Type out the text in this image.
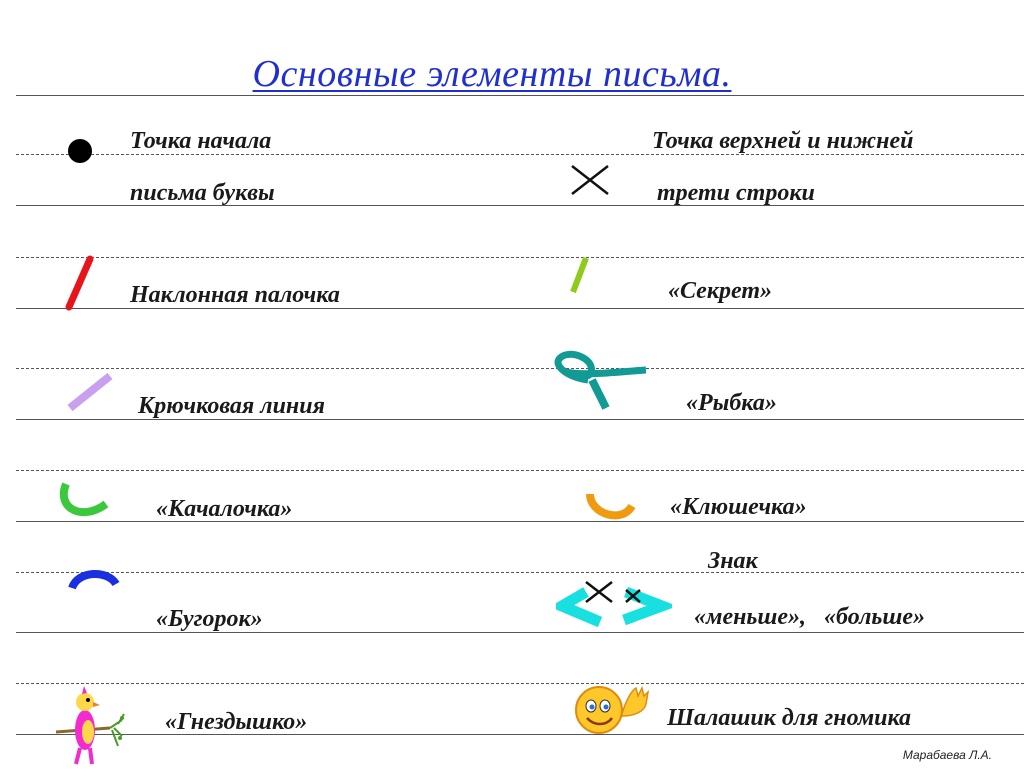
Основные элементы письма.
Точка начала
письма буквы
Наклонная палочка
Крючковая линия
«Качалочка»
«Бугорок»
«Гнездышко»
Точка верхней и нижней
трети строки
«Секрет»
«Рыбка»
«Клюшечка»
Знак
«меньше»,   «больше»
Шалашик для гномика
Марабаева Л.А.
